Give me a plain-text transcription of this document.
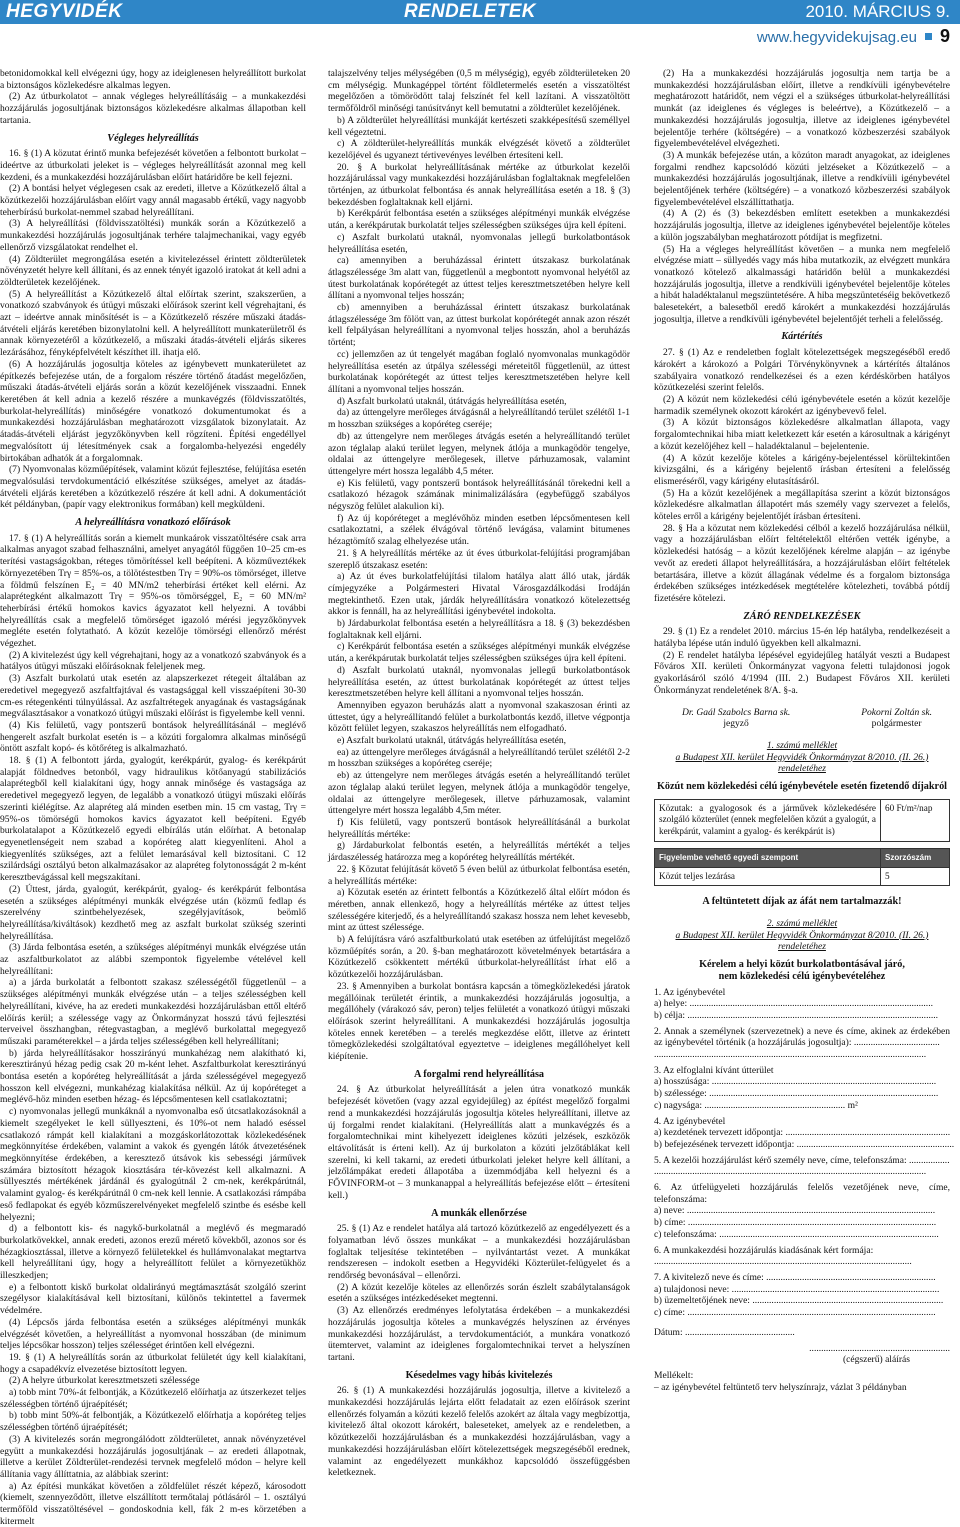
HEGYVIDÉK	RENDELETEK	2010. MÁRCIUS 9.
www.hegyvidekujsag.eu 9

betonidomokkal kell elvégezni úgy, hogy az ideiglenesen helyreállított burkolat a biztonságos közlekedésre alkalmas legyen.

(2) Az útburkolatot – annak végleges helyreállításáig – a munkakezdési hozzájárulás jogosultjának biztonságos közlekedésre alkalmas állapotban kell tartania.

Végleges helyreállítás

16. § (1) A közutat érintő munka befejezését követően a felbontott burkolat – ideértve az útburkolati jeleket is – végleges helyreállítását azonnal meg kell kezdeni, és a munkakezdési hozzájárulásban előírt határidőre be kell fejezni.

(2) A bontási helyet véglegesen csak az eredeti, illetve a Közútkezelő által a közútkezelői hozzájárulásban előírt vagy annál magasabb értékű, vagy nagyobb teherbírású burkolat-nemmel szabad helyreállítani.

(3) A helyreállítási (földvisszatöltési) munkák során a Közútkezelő a munkakezdési hozzájárulás jogosultjának terhére talajmechanikai, vagy egyéb ellenőrző vizsgálatokat rendelhet el.

(4) Zöldterület megrongálása esetén a kivitelezéssel érintett zöldterületek növényzetét helyre kell állítani, és az ennek tényét igazoló iratokat át kell adni a zöldterületek kezelőjének.

(5) A helyreállítást a Közútkezelő által előírtak szerint, szakszerűen, a vonatkozó szabványok és útügyi műszaki előírások szerint kell végrehajtani, és azt – ideértve annak minősítését is – a Közútkezelő részére műszaki átadás-átvételi eljárás keretében bizonylatolni kell. A helyreállított munkaterületről és annak környezetéről a közútkezelő, a műszaki átadás-átvételi eljárás sikeres lezárásához, fényképfelvételt készíthet ill. ihatja elő.

(6) A hozzájárulás jogosultja köteles az igénybevett munkaterületet az építkezés befejezése után, de a forgalom részére történő átadást megelőzően, műszaki átadás-átvételi eljárás során a közút kezelőjének visszaadni. Ennek keretében át kell adnia a kezelő részére a munkavégzés (földvisszatöltés, burkolat-helyreállítás) minőségére vonatkozó dokumentumokat és a munkakezdési hozzájárulásban meghatározott vizsgálatok bizonylatait. Az átadás-átvételi eljárást jegyzőkönyvben kell rögzíteni. Építési engedéllyel megvalósított új létesítmények csak a forgalomba-helyezési engedély birtokában adhatók át a forgalomnak.

(7) Nyomvonalas közműépítések, valamint közút fejlesztése, felújítása esetén megvalósulási tervdokumentáció elkészítése szükséges, amelyet az átadás-átvételi eljárás keretében a közútkezelő részére át kell adni. A dokumentációt két példányban, (papír vagy elektronikus formában) kell megküldeni.

A helyreállításra vonatkozó előírások

17. § (1) A helyreállítás során a kiemelt munkaárok visszatöltésére csak arra alkalmas anyagot szabad felhasználni, amelyet anyagától függően 10–25 cm-es terítési vastagságokban, réteges tömörítéssel kell beépíteni. A közműveztékek környezetében Trγ = 85%-os, a tölötéstestben Trγ = 90%-os tömörséget, illetve a földmű felszínen E₂ = 40 MN/m2 teherbírási értéket kell elérni. Az alaprétegként alkalmazott Trγ = 95%-os tömörséggel, E₂ = 60 MN/m² teherbírási értékű homokos kavics ágyazatot kell helyezni. A további helyreállítás csak a megfelelő tömörséget igazoló mérési jegyzőkönyvek megléte esetén folytatható. A közút kezelője tömörségi ellenőrző mérést végezhet.

(2) A kivitelezést úgy kell végrehajtani, hogy az a vonatkozó szabványok és a hatályos útügyi műszaki előírásoknak feleljenek meg.

(3) Aszfalt burkolatú utak esetén az alapszerkezet rétegeit általában az eredetivel megegyező aszfaltfajtával és vastagsággal kell visszaépíteni 30-30 cm-es rétegenkénti túlnyúlással. Az aszfaltrétegek anyagának és vastagságának megválasztásakor a vonatkozó útügyi műszaki előírást is figyelembe kell venni.

(4) Kis felületű, vagy pontszerű bontások helyreállításánál – meglévő hengerelt aszfalt burkolat esetén is – a közúti forgalomra alkalmas minőségű öntött aszfalt kopó- és kötőréteg is alkalmazható.

18. § (1) A felbontott járda, gyalogút, kerékpárút, gyalog- és kerékpárút alapját földnedves betonból, vagy hidraulikus kötőanyagú stabilizációs alaprétegből kell kialakítani úgy, hogy annak minősége és vastagsága az eredetivel megegyező legyen, de legalább a vonatkozó útügyi műszaki előírás szerinti kiélégítse. Az alapréteg alá minden esetben min. 15 cm vastag, Trγ = 95%-os tömörségű homokos kavics ágyazatot kell beépíteni. Egyéb burkolatalapot a Közútkezelő egyedi elbírálás után előírhat. A betonalap egyenetlenségeit nem szabad a kopóréteg alatt kiegyenlíteni. Ahol a kiegyenlítés szükséges, azt a felület lemarásával kell biztosítani. C 12 szilárdsági osztályú beton alkalmazásakor az alapréteg folytonosságát 2 m-ként keresztbevágással kell megszakítani.

(2) Úttest, járda, gyalogút, kerékpárút, gyalog- és kerékpárút felbontása esetén a szükséges alépítményi munkák elvégzése után (közmű fedlap és szerelvény szintbehelyezések, szegélyjavítások, beömlő helyreállítása/kiváltások) kezdhető meg az aszfalt burkolat szükség szerinti helyreállítása.

(3) Járda felbontása esetén, a szükséges alépítményi munkák elvégzése után az aszfaltburkolatot az alábbi szempontok figyelembe vételével kell helyreállítani:

a) a járda burkolatát a felbontott szakasz szélességétől függetlenül – a szükséges alépítményi munkák elvégzése után – a teljes szélességben kell helyreállítani, kivéve, ha az eredeti munkakezdési hozzájárulásban ettől eltérő előírás kerül; a szélessége vagy az Önkormányzat hosszú távú fejlesztési terveivel összhangban, rétegvastagban, a meglévő burkolattal megegyező műszaki paraméterekkel – a járda teljes szélességében kell helyreállítani;

b) járda helyreállításakor hosszirányú munkahézag nem alakítható ki, keresztirányú hézag pedig csak 20 m-ként lehet. Aszfaltburkolat keresztirányú bontása esetén a kopóréteg helyreállítását a járda szélességével megegyező hosszon kell elvégezni, munkahézag kialakítása nélkül. Az új kopóréteget a meglévő-höz minden esetben hézag- és lépcsőmentesen kell csatlakoztatni;

c) nyomvonalas jellegű munkáknál a nyomvonalba eső útcsatlakozásoknál a kiemelt szegélyeket le kell süllyeszteni, és 10%-ot nem haladó eséssel csatlakozó rámpát kell kialakítani a mozgáskorlátozottak közlekedésének megkönnyítése érdekében, valamint a vakok és gyengén látók átvezetésének megkönnyítése érdekében, a keresztező útsávok kis sebességi járművek számára biztosított hézagok kiosztására tér-kövezést kell alkalmazni. A süllyesztés mértékének járdánál és gyalogútnál 2 cm-nek, kerékpárútnál, valamint gyalog- és kerékpárútnál 0 cm-nek kell lennie. A csatlakozási rámpába eső fedlapokat és egyéb közműszerelvényeket megfelelő szintbe és esésbe kell helyezni;

d) a felbontott kis- és nagykő-burkolatnál a meglévő és megmaradó burkolatkövekkel, annak eredeti, azonos erezű mérető kövekből, azonos sor és hézagkiosztással, illetve a környező felületekkel és hullámvonalakat megtartva kell helyreállítani úgy, hogy a helyreállított felület a környezetükhöz illeszkedjen;

e) a felbontott kiskő burkolat oldalirányú megtámasztását szolgáló szerint szegélysor kialakításával kell biztosítani, különös tekintettel a favermek védelmére.

(4) Lépcsős járda felbontása esetén a szükséges alépítményi munkák elvégzését követően, a helyreállítást a nyomvonal hosszában (de minimum teljes lépcsőkar hosszon) teljes szélességet érintően kell elvégezni.

19. § (1) A helyreállítás során az útburkolat felületét úgy kell kialakítani, hogy a csapadékvíz elvezetése biztosított legyen.

(2) A helyre útburkolat keresztmetszeti szélessége

a) tobb mint 70%-át felbontják, a Közútkezelő előírhatja az útszerkezet teljes szélességben történő újraépítését;

b) tobb mint 50%-át felbontják, a Közútkezelő előírhatja a kopóréteg teljes szélességben történő újraépítését;

(3) A kivitelezés során megrongálódott zöldterületet, annak növényzetével együtt a munkakezdési hozzájárulás jogosultjának – az eredeti állapotnak, illetve a kerület Zöldterület-rendezési tervnek megfelelő módon – helyre kell állítania vagy állíttatnia, az alábbiak szerint:

a) Az építési munkákat követően a zöldfelület részét képező, károsodott (kiemelt, szennyeződött, illetve elszállított termőtalaj pótlásáról – 1. osztályú termőföld visszatöltésével – gondoskodnia kell, fák 2 m-es körzetében a kitermelt

talajszelvény teljes mélységében (0,5 m mélységig), egyéb zöldterületeken 20 cm mélységig. Munkagéppel történt földletermelés esetén a visszatöltést megelőzően a tömörödött talaj felszínét fel kell lazítani. A visszatöltött termőföldről minőségi tanúsítványt kell bemutatni a zöldterület kezelőjének.

b) A zöldterület helyreállítási munkáját kertészeti szakképesítésű személlyel kell végeztetni.

c) A zöldterület-helyreállítás munkák elvégzését követő a zöldterület kezelőjével és ugyanezt tértivevényes levélben értesíteni kell.

20. § A burkolat helyreállításának mértéke az útburkolat kezelői hozzájárulással vagy munkakezdési hozzájárulásban foglaltaknak megfelelően történjen, az útburkolat felbontása és annak helyreállítása esetén a 18. § (3) bekezdésben foglaltaknak kell eljárni.

b) Kerékpárút felbontása esetén a szükséges alépítményi munkák elvégzése után, a kerékpárutak burkolatát teljes szélességben szükséges újra kell építeni.

c) Aszfalt burkolatú utaknál, nyomvonalas jellegű burkolatbontások helyreállítása esetén,

ca) amennyiben a beruházással érintett útszakasz burkolatának átlagszélessége 3m alatt van, függetlenül a megbontott nyomvonal helyétől az útest burkolatának kopórétegét az úttest teljes keresztmetszetében helyre kell állítani a nyomvonal teljes hosszán;

cb) amennyiben a beruházással érintett útszakasz burkolatának átlagszélessége 3m fölött van, az úttest burkolat kopórétegét annak azon részét kell felpályásan helyreállítani a nyomvonal teljes hosszán, ahol a beruházás történt;

cc) jellemzően az út tengelyét magában foglaló nyomvonalas munkagödör helyreállítása esetén az útpálya szélességi méreteitől függetlenül, az úttest burkolatának kopórétegét az úttest teljes keresztmetszetében helyre kell állítani a nyomvonal teljes hosszán.

d) Aszfalt burkolatú utaknál, útátvágás helyreállítása esetén,

da) az úttengelyre merőleges átvágásnál a helyreállítandó terület szélétől 1-1 m hosszban szükséges a kopóréteg cseréje;

db) az úttengelyre nem merőleges átvágás esetén a helyreállítandó terület azon téglalap alakú terület legyen, melynek átlója a munkagödör tengelye, oldalai az úttengelyre merőlegesek, illetve párhuzamosak, valamint úttengelyre mért hossza legalább 4,5 méter.

e) Kis felületű, vagy pontszerű bontások helyreállításánál törekedni kell a csatlakozó hézagok számának minimalizálására (egybefüggő szabályos négyszög felület alakulion ki).

f) Az új kopóréteget a meglévőhöz minden esetben lépcsőmentesen kell csatlakoztatni, a szélek élvágóval történő levágása, valamint bitumenes hézagtömítő szalag elhelyezése után.

21. § A helyreállítás mértéke az út éves útburkolat-felújítási programjában szereplő útszakasz esetén:

a) Az út éves burkolatfelújítási tilalom hatálya alatt álló utak, járdák címjegyzéke a Polgármesteri Hivatal Városgazdálkodási Irodáján megtekinthető. Ezen utak, járdák helyreállítására vonatkozó kötelezettség akkor is fennáll, ha az helyreállítási igénybevétel indokolta.

b) Járdaburkolat felbontása esetén a helyreállításra a 18. § (3) bekezdésben foglaltaknak kell eljárni.

c) Kerékpárút felbontása esetén a szükséges alépítményi munkák elvégzése után, a kerékpárutak burkolatát teljes szélességben szükséges újra kell építeni.

d) Aszfalt burkolatú utaknál, nyomvonalas jellegű burkolatbontások helyreállítása esetén, az úttest burkolatának kopórétegét az úttest teljes keresztmetszetében helyre kell állítani a nyomvonal teljes hosszán.

Amennyiben egyazon beruházás alatt a nyomvonal szakaszosan érinti az úttestet, úgy a helyreállítandó felület a burkolatbontás kezdő, illetve végpontja között felület legyen, szakaszos helyreállítás nem elfogadható.

e) Aszfalt burkolatú utaknál, útátvágás helyreállítása esetén,

ea) az úttengelyre merőleges átvágásnál a helyreállítandó terület szélétől 2-2 m hosszban szükséges a kopóréteg cseréje;

eb) az úttengelyre nem merőleges átvágás esetén a helyreállítandó terület azon téglalap alakú terület legyen, melynek átlója a munkagödör tengelye, oldalai az úttengelyre merőlegesek, illetve párhuzamosak, valamint úttengelyre mért hossza legalább 4,5m méter.

f) Kis felületű, vagy pontszerű bontások helyreállításánál a burkolat helyreállítás mértéke:

g) Járdaburkolat felbontás esetén, a helyreállítás mértékét a teljes járdaszélesség határozza meg a kopóréteg helyreállítás mértékét.

22. § Közutat felújítását követő 5 éven belül az útburkolat felbontása esetén, a helyreállítás mértéke:

a) Közutak esetén az érintett felbontás a Közútkezelő által előírt módon és méretben, annak ellenkező, hogy a helyreállítás mértéke az úttest teljes szélességére kiterjedő, és a helyreállítandó szakasz hossza nem lehet kevesebb, mint az úttest szélessége.

b) A felújításra váró aszfaltburkolatú utak esetében az útfelújítást megelőző közműépítés során, a 20. §-ban meghatározott követelmények betartására a Közútkezelő csökkentett mértékű útburkolat-helyreállítást írhat elő a közútkezelői hozzájárulásban.

23. § Amennyiben a burkolat bontásra kapcsán a tömegközlekedési járatok megállóinak területét érintik, a munkakezdési hozzájárulás jogosultja, a megállóhely (várakozó sáv, peron) teljes felületét a vonatkozó útügyi műszaki előírások szerint helyreállítani. A munkakezdési hozzájárulás jogosultja köteles ennek keretében – a terelés megkezdése előtt, illetve az érintett tömegközlekedési szolgáltatóval egyeztetve – ideiglenes megállóhelyet kell kiépítenie.

A forgalmi rend helyreállítása

24. § Az útburkolat helyreállítását a jelen útra vonatkozó munkák befejezését követően (vagy azzal egyidejűleg) az építést megelőző forgalmi rend a munkakezdési hozzájárulás jogosultja köteles helyreállítani, illetve az új forgalmi rendet kialakítani. (Helyreállítás alatt a munkavégzés és a forgalomtechnikai mint kihelyezett ideiglenes közúti jelzések, eszközök eltávolítását is érteni kell). Az új burkolaton a közúti jelzőtáblákat kell szerelni, ki kell takarni, az eredeti útburkolati jeleket helyre kell állítani, a jelzőlámpákat eredeti állapotába a üzemmódjába kell helyezni és a FŐVINFORM-ot – 3 munkanappal a helyreállítás befejezése előtt – értesíteni kell.)

A munkák ellenőrzése

25. § (1) Az e rendelet hatálya alá tartozó közútkezelő az engedélyezett és a folyamatban lévő összes munkákat – a munkakezdési hozzájárulásban foglaltak teljesítése tekintetében – nyilvántartást vezet. A munkákat rendszeresen – indokolt esetben a Hegyvidéki Közterület-felügyelet és a rendőrség bevonásával – ellenőrzi.

(2) A közút kezelője köteles az ellenőrzés során észlelt szabálytalanságok esetén a szükséges intézkedéseket megtenni.

(3) Az ellenőrzés eredményes lefolytatása érdekében – a munkakezdési hozzájárulás jogosultja köteles a munkavégzés helyszínen az érvényes munkakezdési hozzájárulást, a tervdokumentációt, a munkára vonatkozó ütemtervet, valamint az ideiglenes forgalomtechnikai tervet a helyszínen tartani.

Késedelmes vagy hibás kivitelezés

26. § (1) A munkakezdési hozzájárulás jogosultja, illetve a kivitelező a munkakezdési hozzájárulás lejárta előtt feladatait az ezen előírások szerint ellenőrzés folyamán a közúti kezelő felelős azokért az általa vagy megbízottja, kivitelező által okozott károkért, baleseteket, amelyek az e rendeletben, a közútkezelői hozzájárulásban és a munkakezdési hozzájárulásban, vagy a munkakezdési hozzájárulásban előírt kötelezettségek megszegéséből erednek, valamint az engedélyezett munkákhoz kapcsolódó összefüggésben keletkeznek.

(2) Ha a munkakezdési hozzájárulás jogosultja nem tartja be a munkakezdési hozzájárulásban előírt, illetve a rendkívüli igénybevételre meghatározott határidőt, nem végzi el a szükséges útburkolat-helyreállítási munkát (az ideiglenes és végleges is beleértve), a Közútkezelő – a munkakezdési hozzájárulás jogosultja, illetve az ideiglenes igénybevétel bejelentője terhére (költségére) – a vonatkozó közbeszerzési szabályok figyelembevételével elvégezheti.

(3) A munkák befejezése után, a közúton maradt anyagokat, az ideiglenes forgalmi rendhez kapcsolódó közúti jelzéseket a Közútkezelő – a munkakezdési hozzájárulás jogosultjának, illetve a rendkívüli igénybevétel bejelentőjének terhére (költségére) – a vonatkozó közbeszerzési szabályok figyelembevételével elszállíttathatja.

(4) A (2) és (3) bekezdésben említett esetekben a munkakezdési hozzájárulás jogosultja, illetve az ideiglenes igénybevétel bejelentője köteles a külön jogszabályban meghatározott pótdíjat is megfizetni.

(5) Ha a végleges helyreállítást követően – a munka nem megfelelő elvégzése miatt – süllyedés vagy más hiba mutatkozik, az elvégzett munkára vonatkozó kötelező alkalmassági határidőn belül a munkakezdési hozzájárulás jogosultja, illetve a rendkívüli igénybevétel bejelentője köteles a hibát haladéktalanul megszüntetésére. A hiba megszüntetéséig bekövetkező balesetekért, a balesetből eredő károkért a munkakezdési hozzájárulás jogosultja, illetve a rendkívüli igénybevétel bejelentőjét terheli a felelősség.

Kártérítés

27. § (1) Az e rendeletben foglalt kötelezettségek megszegéséből eredő károkért a károkozó a Polgári Törvénykönyvnek a kártérítés általános szabályaira vonatkozó rendelkezései és a ezen kérdéskörben hatályos közútkezelési szerint felelős.

(2) A közút nem közlekedési célú igénybevétele esetén a közút kezelője harmadik személynek okozott károkért az igénybevevő felel.

(3) A közút biztonságos közlekedésre alkalmatlan állapota, vagy forgalomtechnikai hiba miatt keletkezett kár esetén a károsultnak a kárigényt a közút kezelőjéhez kell – haladéktalanul – bejelentenie.

(4) A közút kezelője köteles a kárigény-bejelentéssel körültekintően kivizsgálni, és a kárigény bejelentő írásban értesíteni a felelősség elismeréséről, vagy kárigény elutasításáról.

(5) Ha a közút kezelőjének a megállapítása szerint a közút biztonságos közlekedésre alkalmatlan állapotért más személy vagy szervezet a felelős, köteles erről a kárigény bejelentőjét írásban értesíteni.

28. § Ha a közutat nem közlekedési célból a kezelő hozzájárulása nélkül, vagy a hozzájárulásban előírt feltételektől eltérően vették igénybe, a közlekedési hatóság – a közút kezelőjének kérelme alapján – az igénybe vevőt az eredeti állapot helyreállítására, a hozzájárulásban előírt feltételek betartására, illetve a közút állagának védelme és a forgalom biztonsága érdekében szükséges intézkedések megtételére kötelezheti, továbbá pótdíj fizetésére kötelezi.

ZÁRÓ RENDELKEZÉSEK

29. § (1) Ez a rendelet 2010. március 15-én lép hatályba, rendelkezéseit a hatályba lépése után induló ügyekben kell alkalmazni.

(2) E rendelet hatályba lépésével egyidejűleg hatályát veszti a Budapest Főváros XII. kerületi Önkormányzat vagyona feletti tulajdonosi jogok gyakorlásáról szóló 4/1994 (III. 2.) Budapest Főváros XII. kerületi Önkormányzat rendeletének 8/A. §-a.

Dr. Gaál Szabolcs Barna sk.
jegyző
Pokorni Zoltán sk.
polgármester
1. számú melléklet
a Budapest XII. kerület Hegyvidék Önkormányzat 8/2010. (II. 26.) rendeletéhez
Közút nem közlekedési célú igénybevétele esetén fizetendő díjakról
Közutak: a gyalogosok és a járművek közlekedésére szolgáló közterület (ennek megfelelően közút a gyalogút, a kerékpárút, valamint a gyalog- és kerékpárút is)	60 Ft/m²/nap
Figyelembe vehető egyedi szempont	Szorzószám
Közút teljes lezárása	5
A feltüntetett díjak az áfát nem tartalmazzák!
2. számú melléklet
a Budapest XII. kerület Hegyvidék Önkormányzat 8/2010. (II. 26.) rendeletéhez
Kérelem a helyi közút burkolatbontásával járó,
nem közlekedési célú igénybevételéhez
1. Az igénybevétel
a) helye: ......................................................................................................
b) célja: .........................................................................................................
2. Annak a személynek (szervezetnek) a neve és címe, akinek az érdekében az igénybevétel történik (a hozzájárulás jogosultja): ....................................
..................................................................................................................
3. Az elfoglalni kívánt útterület
a) hosszúsága: ..............................................................................................
b) szélessége: ................................................................................................
c) nagysága: ........................................................... m²
4. Az igénybevétel
a) kezdetének tervezett időpontja: .....................................................................
b) befejezésének tervezett időpontja: ..................................................................
5. A kezelői hozzájárulást kérő személy neve, címe, telefonszáma: .................
..................................................................................................................
6. Az útfelügyeleti hozzájárulás felelős vezetőjének neve, címe, telefonszáma:
a) neve: ........................................................................................................
b) címe: ........................................................................................................
c) telefonszáma: ............................................................................................
6. A munkakezdési hozzájárulás kiadásának kért formája:
............................................................................................................
7. A kivitelező neve és címe: .......................................................................
a) tulajdonosi neve: .......................................................................................
b) üzemeltetőjének neve: ................................................................................
c) címe: ........................................................................................................
Dátum: ..............................................
...........................................................
(cégszerű) aláírás
Mellékelt:
– az igénybevétel feltüntető terv helyszínrajz, vázlat 3 példányban
